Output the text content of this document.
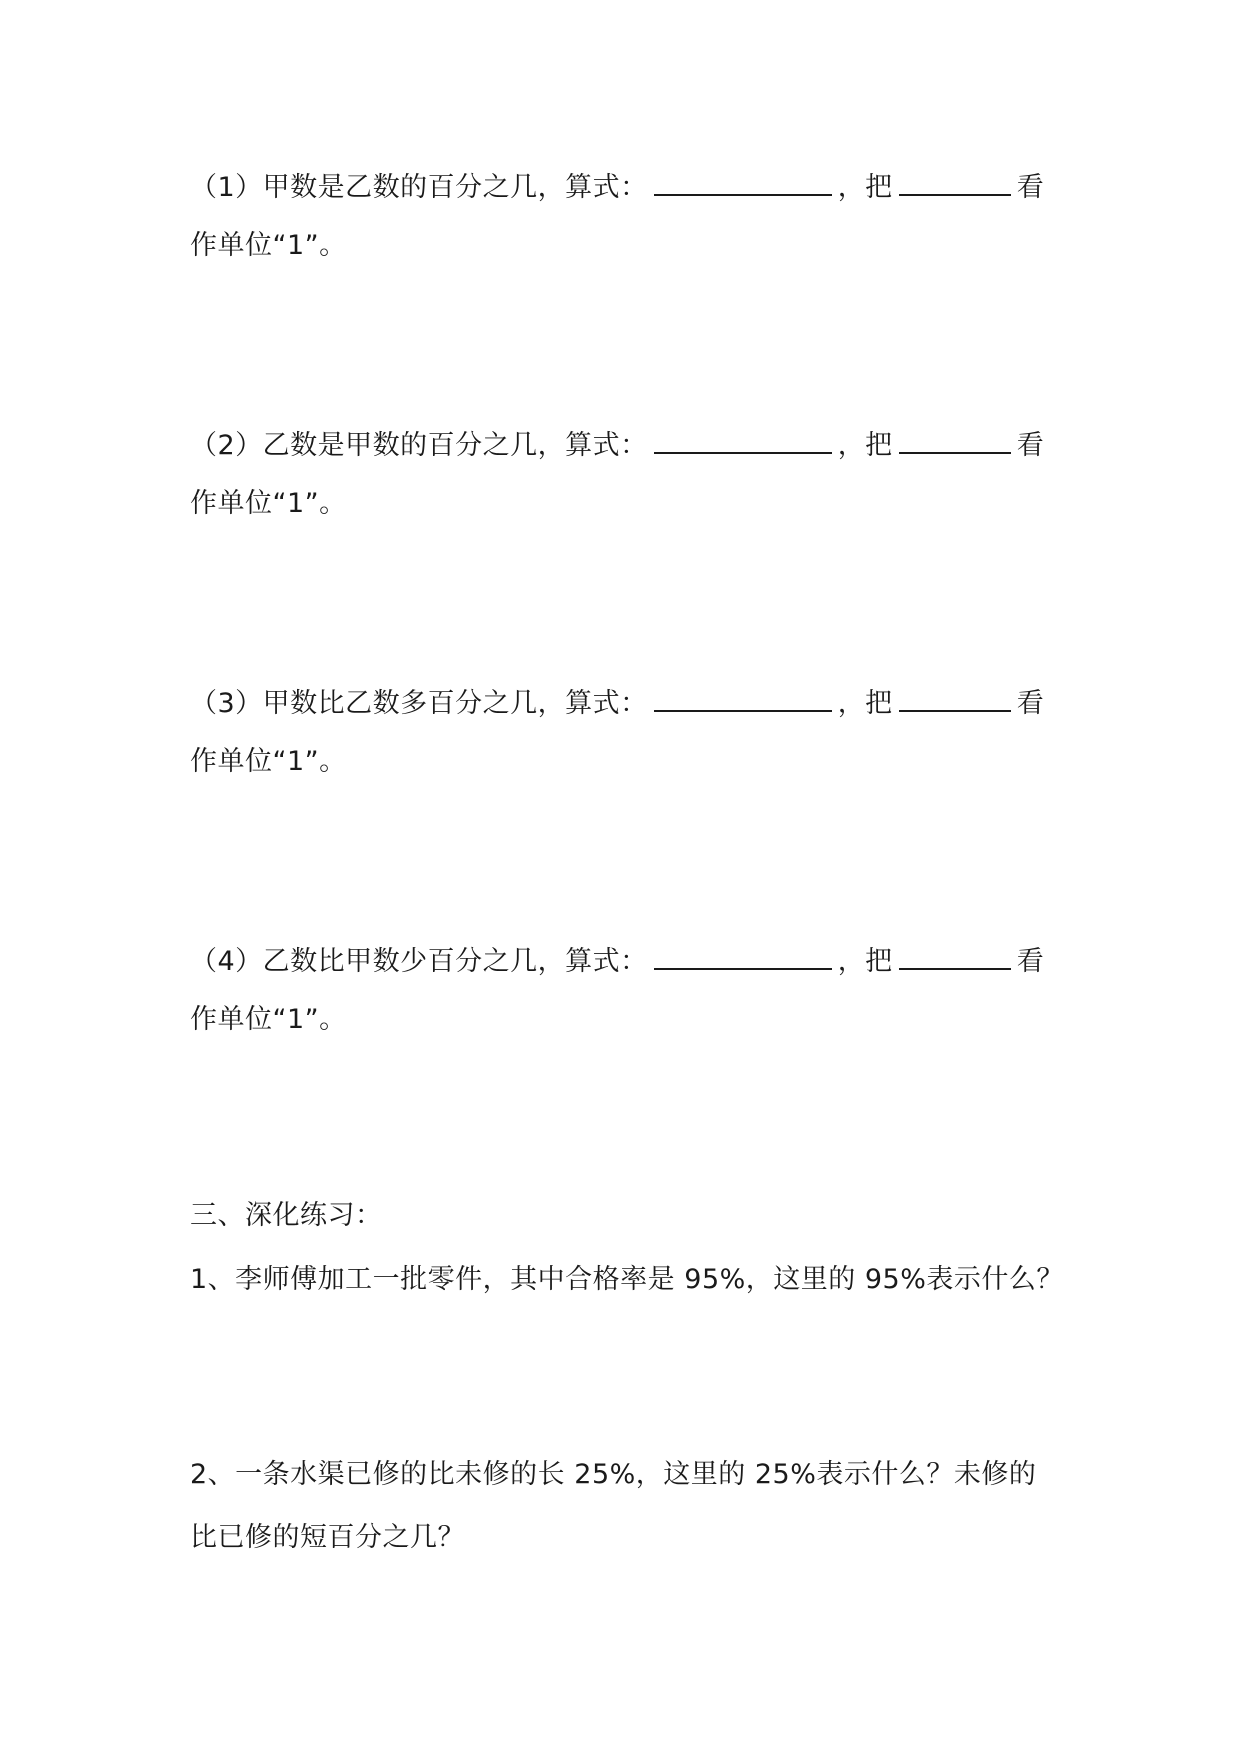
（1）甲数是乙数的百分之几，算式：	，把	看
作单位“1”。
（2）乙数是甲数的百分之几，算式：	，把	看
作单位“1”。
（3）甲数比乙数多百分之几，算式：	，把	看
作单位“1”。
（4）乙数比甲数少百分之几，算式：	，把	看
作单位“1”。
三、深化练习：
1、李师傅加工一批零件，其中合格率是 95%，这里的 95%表示什么？
2、一条水渠已修的比未修的长 25%，这里的 25%表示什么？未修的
比已修的短百分之几？
